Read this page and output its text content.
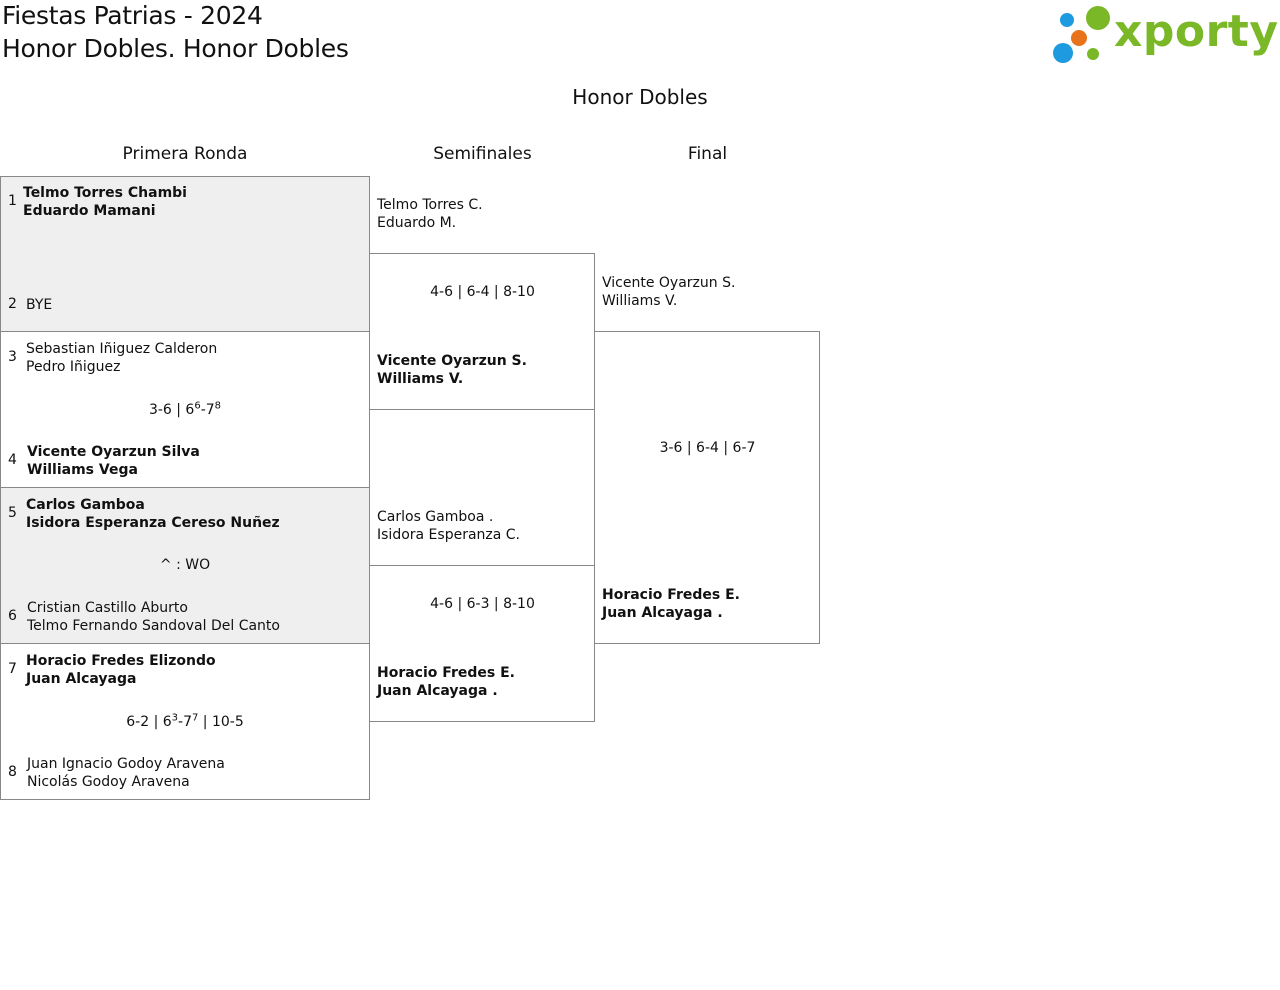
Fiestas Patrias - 2024
Honor Dobles. Honor Dobles	xporty
Honor Dobles
Primera Ronda	Semifinales	Final
1 Telmo Torres Chambi
Eduardo Mamani
2 BYE
3 Sebastian Iñiguez Calderon
Pedro Iñiguez
3-6 | $6^6-7^8$
4 Vicente Oyarzun Silva
Williams Vega
5 Carlos Gamboa
Isidora Esperanza Cereso Nuñez
^ : WO
6 Cristian Castillo Aburto
Telmo Fernando Sandoval Del Canto
7 Horacio Fredes Elizondo
Juan Alcayaga
6-2 | $6^3-7^7$ | 10-5
8 Juan Ignacio Godoy Aravena
Nicolás Godoy Aravena
Telmo Torres C.
Eduardo M.
4-6 | 6-4 | 8-10
Vicente Oyarzun S.
Williams V.
Carlos Gamboa .
Isidora Esperanza C.
4-6 | 6-3 | 8-10
Horacio Fredes E.
Juan Alcayaga .
Vicente Oyarzun S.
Williams V.
3-6 | 6-4 | 6-7
Horacio Fredes E.
Juan Alcayaga .
